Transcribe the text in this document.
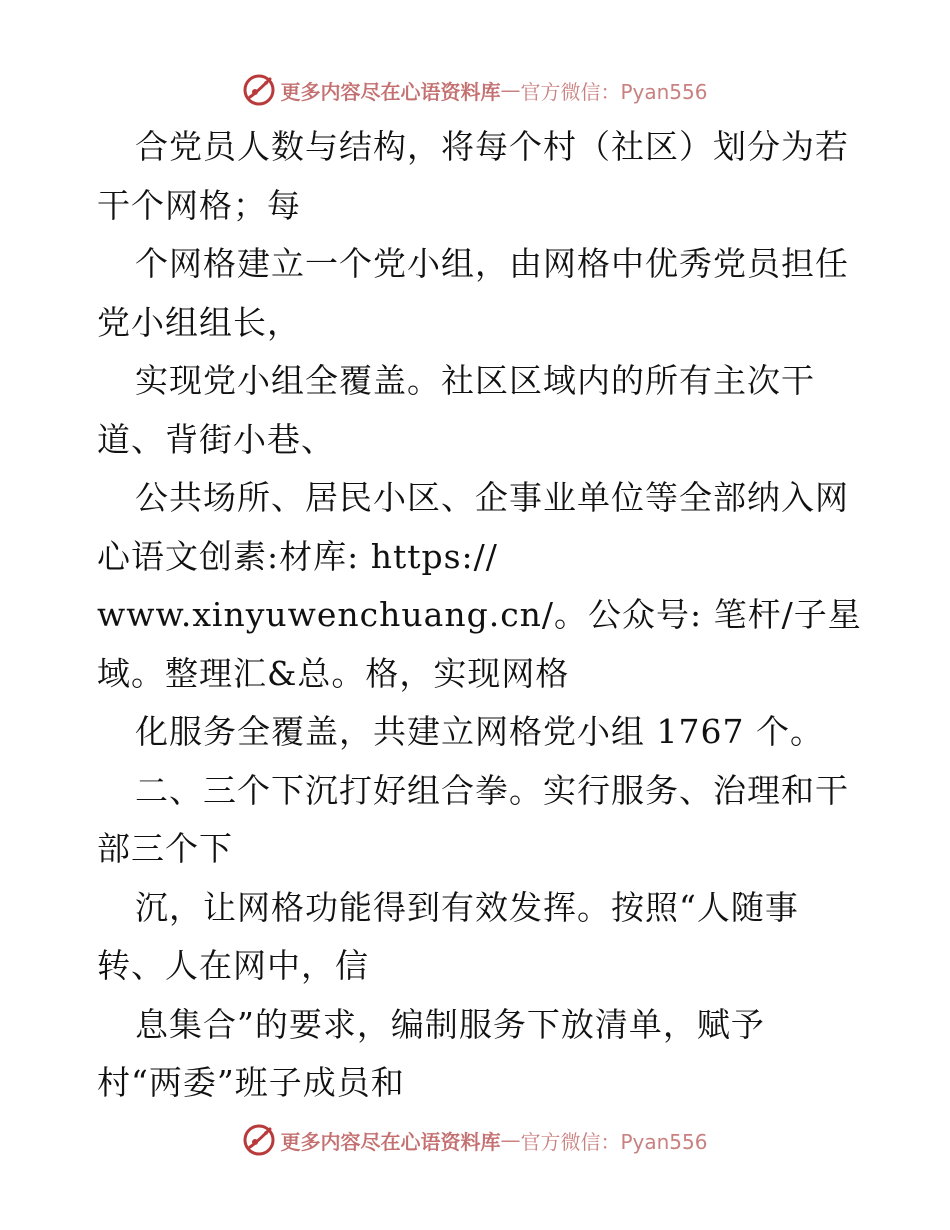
更多内容尽在心语资料库 — 官方微信：Pyan556
合党员人数与结构，将每个村（社区）划分为若
干个网格；每
个网格建立一个党小组，由网格中优秀党员担任
党小组组长，
实现党小组全覆盖。社区区域内的所有主次干
道、背街小巷、
公共场所、居民小区、企事业单位等全部纳入网
心语文创素:材库: https://
www.xinyuwenchuang.cn/。公众号: 笔杆/子星
域。整理汇&总。格，实现网格
化服务全覆盖，共建立网格党小组 1767 个。
二、三个下沉打好组合拳。实行服务、治理和干
部三个下
沉，让网格功能得到有效发挥。按照“人随事
转、人在网中，信
息集合”的要求，编制服务下放清单，赋予
村“两委”班子成员和
更多内容尽在心语资料库 — 官方微信：Pyan556
